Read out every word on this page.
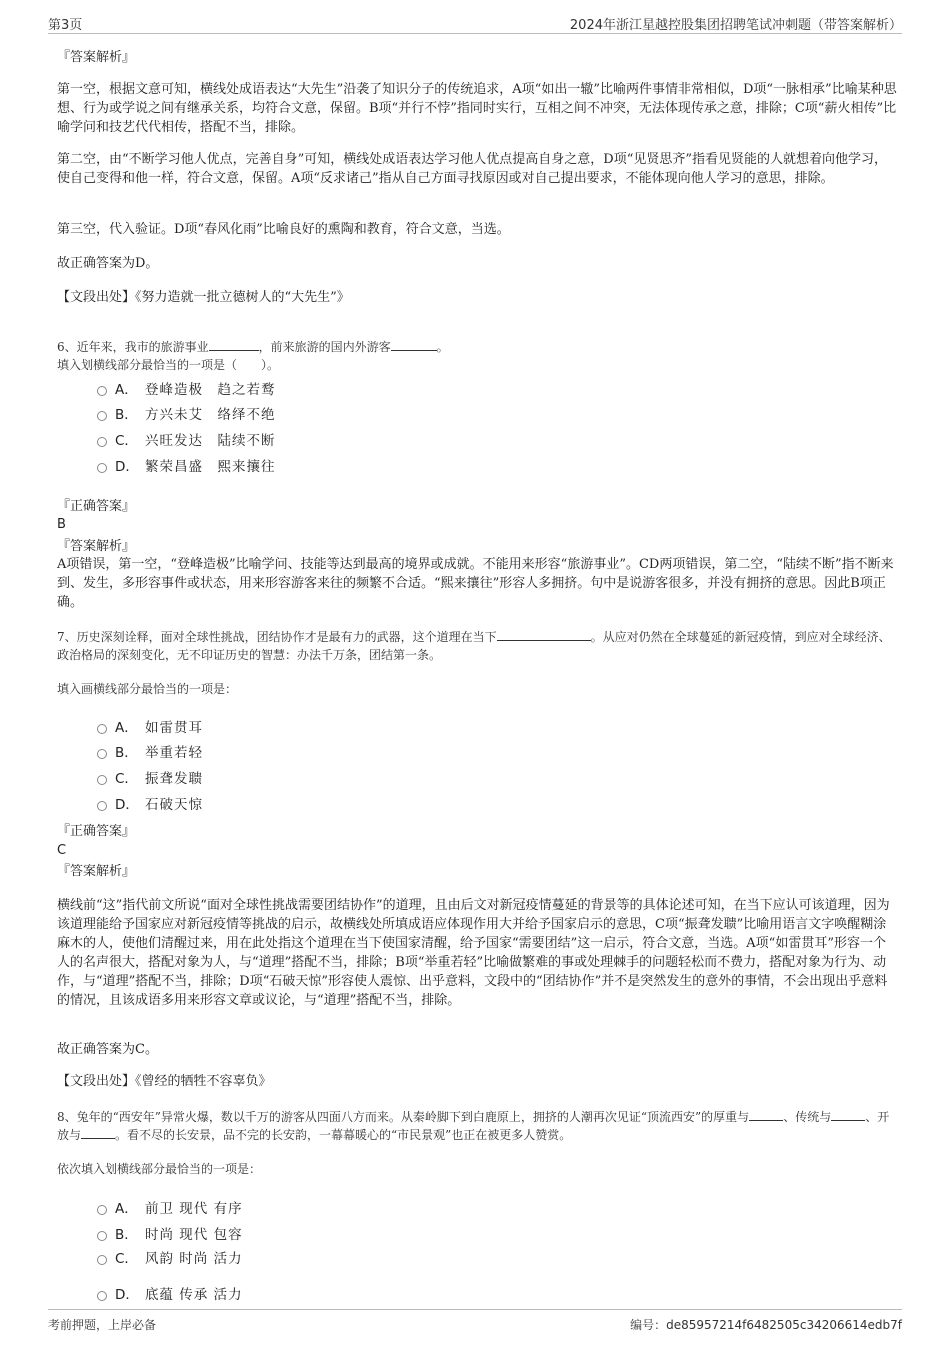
第3页	2024年浙江星越控股集团招聘笔试冲刺题（带答案解析）
『答案解析』
第一空，根据文意可知，横线处成语表达“大先生”沿袭了知识分子的传统追求，A项“如出一辙”比喻两件事情非常相似，D项“一脉相承”比喻某种思想、行为或学说之间有继承关系，均符合文意，保留。B项“并行不悖”指同时实行，互相之间不冲突，无法体现传承之意，排除；C项“薪火相传”比喻学问和技艺代代相传，搭配不当，排除。
第二空，由“不断学习他人优点，完善自身”可知，横线处成语表达学习他人优点提高自身之意，D项“见贤思齐”指看见贤能的人就想着向他学习，使自己变得和他一样，符合文意，保留。A项“反求诸己”指从自己方面寻找原因或对自己提出要求，不能体现向他人学习的意思，排除。
第三空，代入验证。D项“春风化雨”比喻良好的熏陶和教育，符合文意，当选。
故正确答案为D。
【文段出处】《努力造就一批立德树人的“大先生”》
6、近年来，我市的旅游事业	，前来旅游的国内外游客	。
填入划横线部分最恰当的一项是（　　）。
A． 登峰造极　趋之若鹜
B． 方兴未艾　络绎不绝
C． 兴旺发达　陆续不断
D． 繁荣昌盛　熙来攘往
『正确答案』
B
『答案解析』
A项错误，第一空，“登峰造极”比喻学问、技能等达到最高的境界或成就。不能用来形容“旅游事业”。CD两项错误，第二空，“陆续不断”指不断来到、发生，多形容事件或状态，用来形容游客来往的频繁不合适。“熙来攘往”形容人多拥挤。句中是说游客很多，并没有拥挤的意思。因此B项正确。
7、历史深刻诠释，面对全球性挑战，团结协作才是最有力的武器，这个道理在当下	。从应对仍然在全球蔓延的新冠疫情，到应对全球经济、政治格局的深刻变化，无不印证历史的智慧：办法千万条，团结第一条。
填入画横线部分最恰当的一项是：
A． 如雷贯耳
B． 举重若轻
C． 振聋发聩
D． 石破天惊
『正确答案』
C
『答案解析』
横线前“这”指代前文所说“面对全球性挑战需要团结协作”的道理，且由后文对新冠疫情蔓延的背景等的具体论述可知，在当下应认可该道理，因为该道理能给予国家应对新冠疫情等挑战的启示，故横线处所填成语应体现作用大并给予国家启示的意思，C项“振聋发聩”比喻用语言文字唤醒糊涂麻木的人，使他们清醒过来，用在此处指这个道理在当下使国家清醒，给予国家“需要团结”这一启示，符合文意，当选。A项“如雷贯耳”形容一个人的名声很大，搭配对象为人，与“道理”搭配不当，排除；B项“举重若轻”比喻做繁难的事或处理棘手的问题轻松而不费力，搭配对象为行为、动作，与“道理”搭配不当，排除；D项“石破天惊”形容使人震惊、出乎意料，文段中的“团结协作”并不是突然发生的意外的事情，不会出现出乎意料的情况，且该成语多用来形容文章或议论，与“道理”搭配不当，排除。
故正确答案为C。
【文段出处】《曾经的牺牲不容辜负》
8、兔年的“西安年”异常火爆，数以千万的游客从四面八方而来。从秦岭脚下到白鹿原上，拥挤的人潮再次见证“顶流西安”的厚重与	、传统与	、开放与	。看不尽的长安景，品不完的长安韵，一幕幕暖心的“市民景观”也正在被更多人赞赏。
依次填入划横线部分最恰当的一项是：
A． 前卫 现代 有序
B． 时尚 现代 包容
C． 风韵 时尚 活力
D． 底蕴 传承 活力
考前押题，上岸必备	编号：de85957214f6482505c34206614edb7f
